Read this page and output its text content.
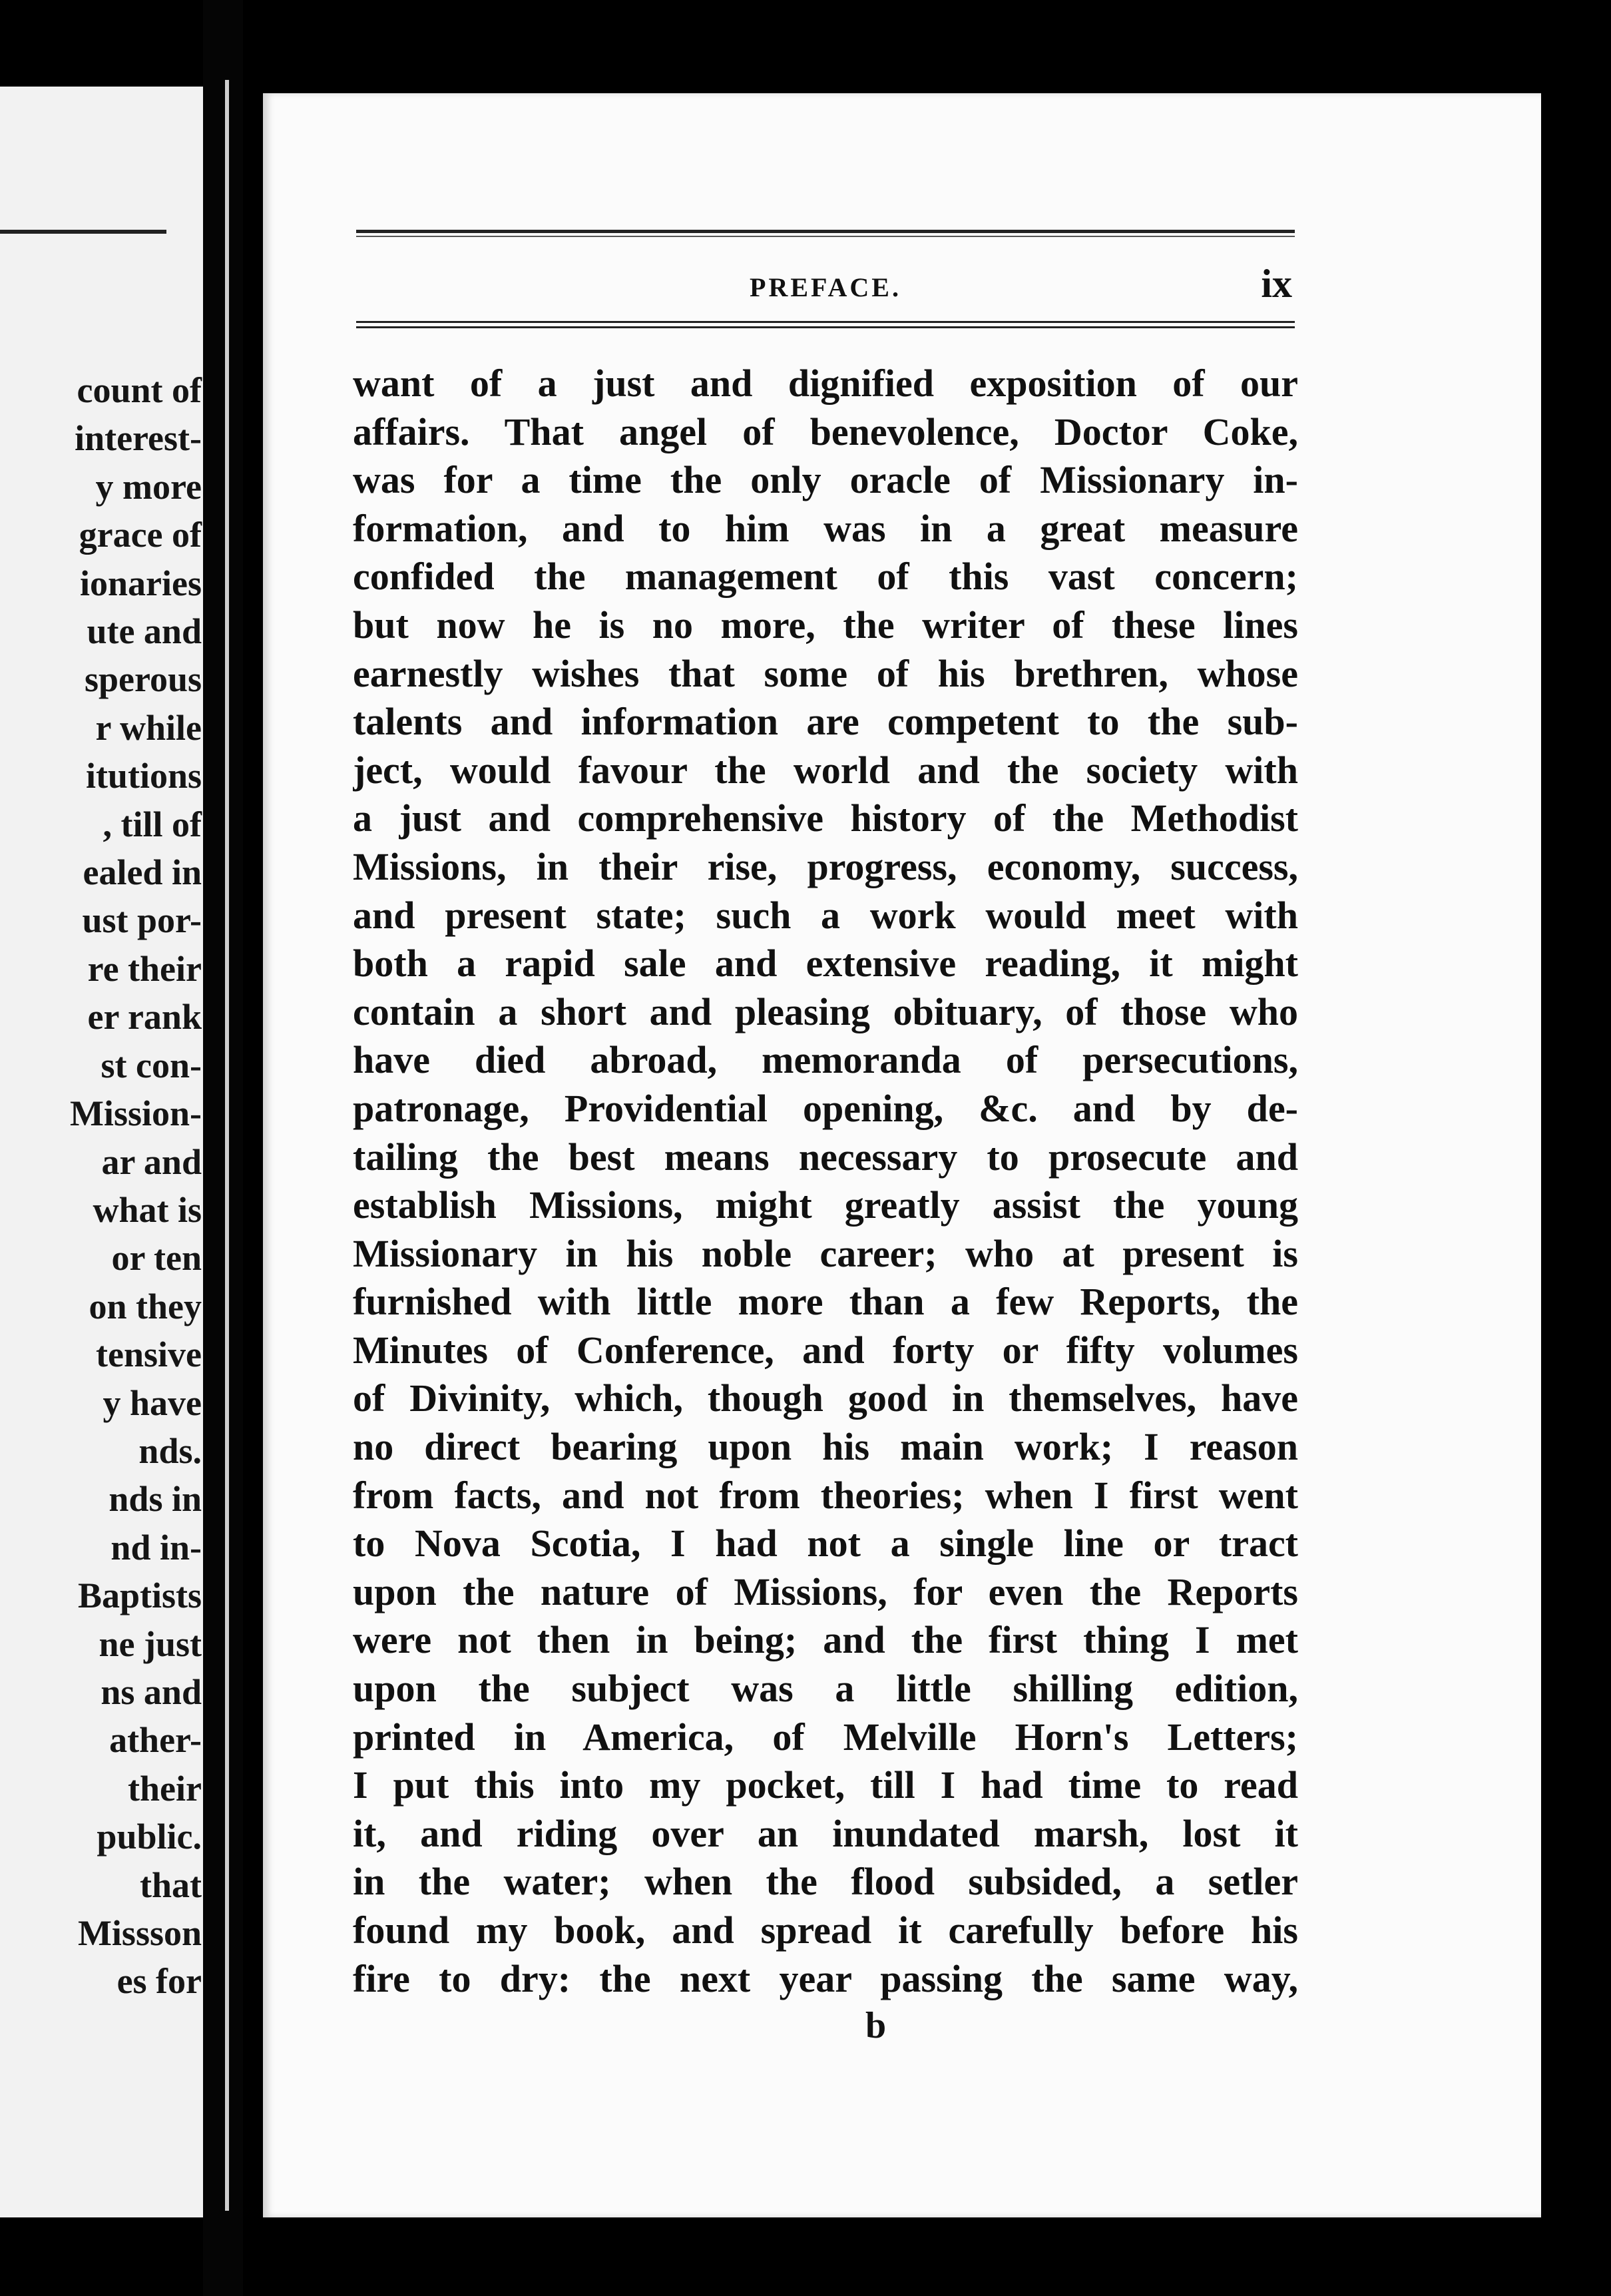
count of
interest-
y more
grace of
ionaries
ute and
sperous
r while
itutions
, till of
ealed in
ust por-
re their
er rank
st con-
Mission-
ar and
what is
or ten
on they
tensive
y have
nds.
nds in
nd in-
Baptists
ne just
ns and
ather-
their
public.
that
Missson
es for
PREFACE.	ix
want of a just and dignified exposition of our
affairs. That angel of benevolence, Doctor Coke,
was for a time the only oracle of Missionary in-
formation, and to him was in a great measure
confided the management of this vast concern;
but now he is no more, the writer of these lines
earnestly wishes that some of his brethren, whose
talents and information are competent to the sub-
ject, would favour the world and the society with
a just and comprehensive history of the Methodist
Missions, in their rise, progress, economy, success,
and present state; such a work would meet with
both a rapid sale and extensive reading, it might
contain a short and pleasing obituary, of those who
have died abroad, memoranda of persecutions,
patronage, Providential opening, &c. and by de-
tailing the best means necessary to prosecute and
establish Missions, might greatly assist the young
Missionary in his noble career; who at present is
furnished with little more than a few Reports, the
Minutes of Conference, and forty or fifty volumes
of Divinity, which, though good in themselves, have
no direct bearing upon his main work; I reason
from facts, and not from theories; when I first went
to Nova Scotia, I had not a single line or tract
upon the nature of Missions, for even the Reports
were not then in being; and the first thing I met
upon the subject was a little shilling edition,
printed in America, of Melville Horn's Letters;
I put this into my pocket, till I had time to read
it, and riding over an inundated marsh, lost it
in the water; when the flood subsided, a setler
found my book, and spread it carefully before his
fire to dry: the next year passing the same way,
b
